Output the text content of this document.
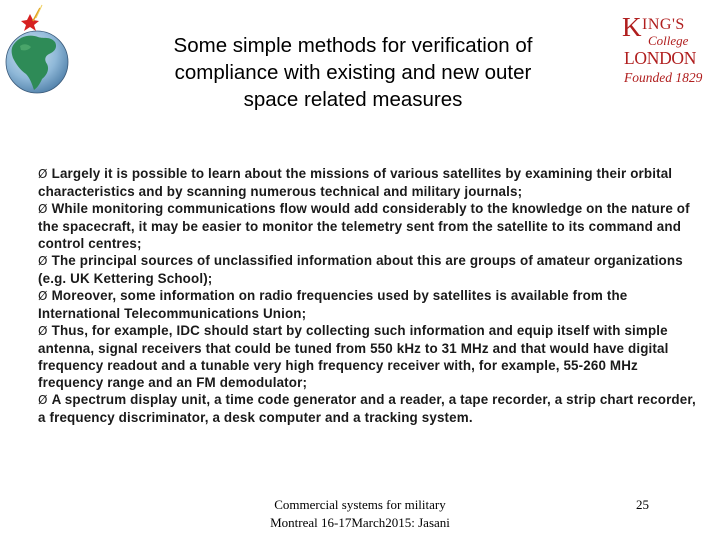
K ING'S
College
LONDON
Founded 1829
Some simple methods for verification of
compliance with existing and new outer
space related measures

Ø Largely it is possible to learn about the missions of various satellites by examining their orbital characteristics and by scanning numerous technical and military journals;

Ø While monitoring communications flow would add considerably to the knowledge on the nature of the spacecraft, it may be easier to monitor the telemetry sent from the satellite to its command and control centres;

Ø The principal sources of unclassified information about this are groups of amateur organizations (e.g. UK Kettering School);

Ø Moreover, some information on radio frequencies used by satellites is available from the International Telecommunications Union;

Ø Thus, for example, IDC should start by collecting such information and equip itself with simple antenna, signal receivers that could be tuned from 550 kHz to 31 MHz and that would have digital frequency readout and a tunable very high frequency receiver with, for example, 55-260 MHz frequency range and an FM demodulator;

Ø A spectrum display unit, a time code generator and a reader, a tape recorder, a strip chart recorder, a frequency discriminator, a desk computer and a tracking system.

Commercial systems for military
Montreal 16-17March2015: Jasani
25
